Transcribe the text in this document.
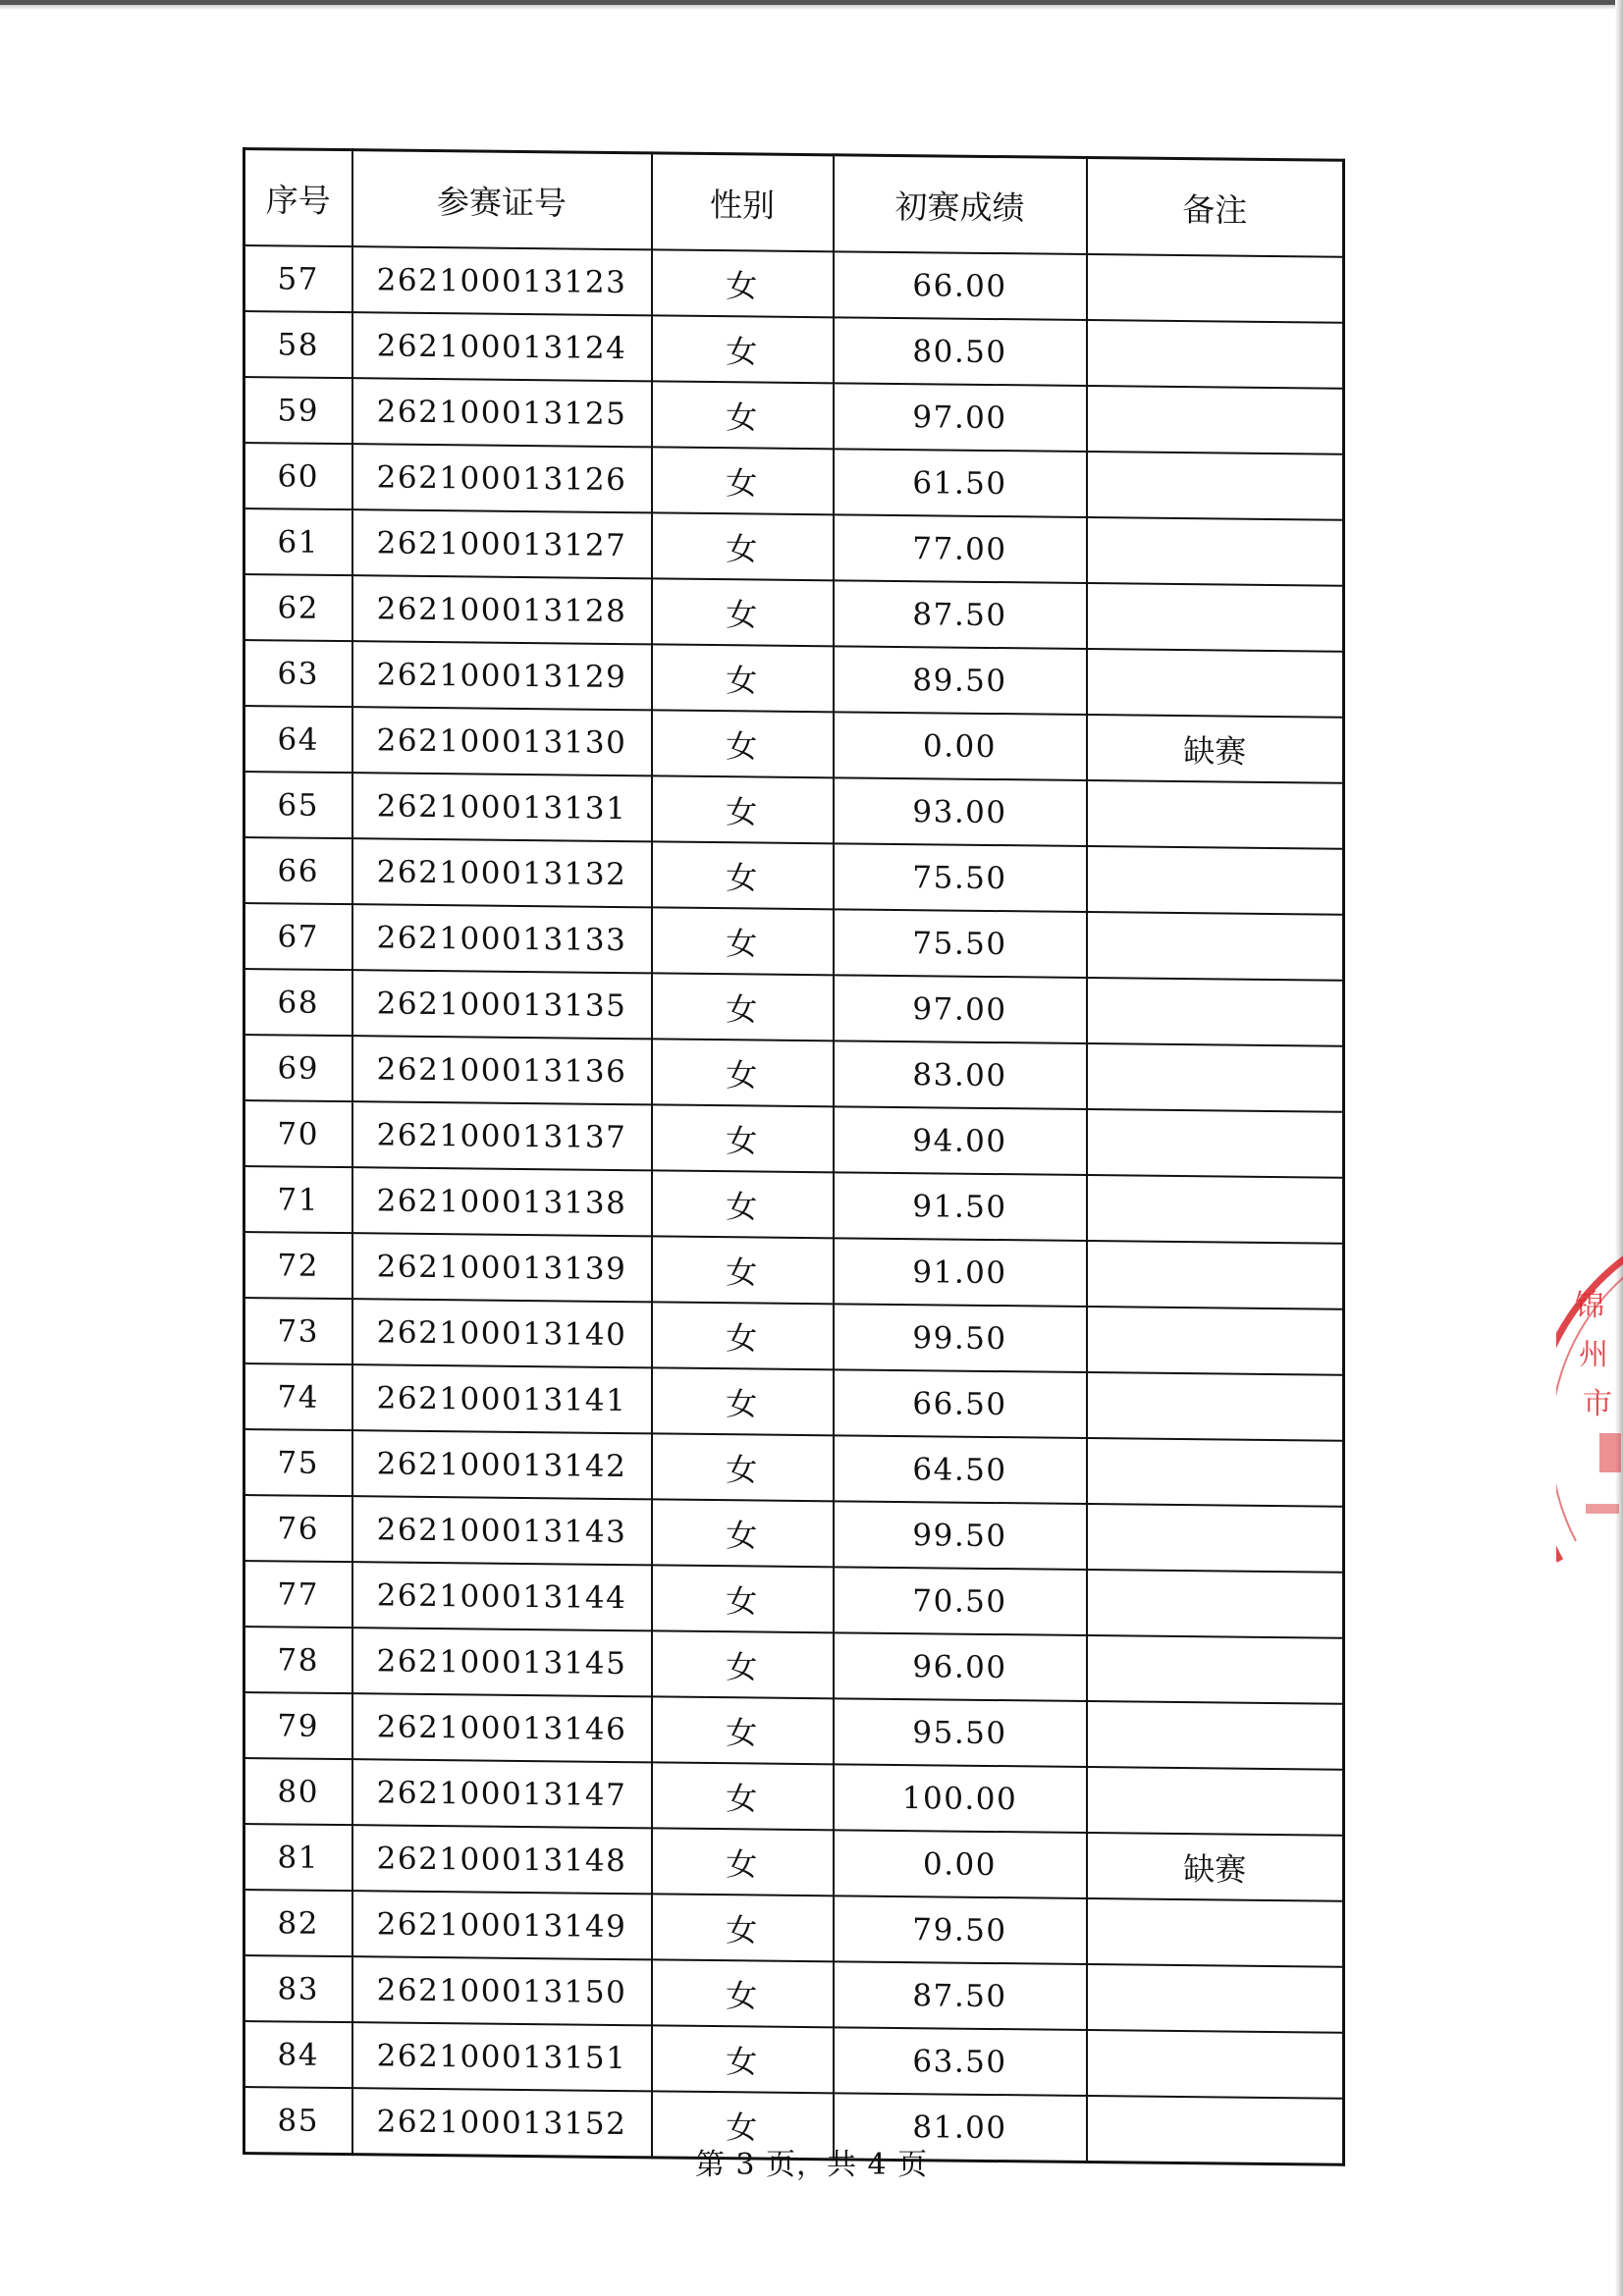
序号	参赛证号	性别	初赛成绩	备注
57	262100013123	女	66.00	
58	262100013124	女	80.50	
59	262100013125	女	97.00	
60	262100013126	女	61.50	
61	262100013127	女	77.00	
62	262100013128	女	87.50	
63	262100013129	女	89.50	
64	262100013130	女	0.00	缺赛
65	262100013131	女	93.00	
66	262100013132	女	75.50	
67	262100013133	女	75.50	
68	262100013135	女	97.00	
69	262100013136	女	83.00	
70	262100013137	女	94.00	
71	262100013138	女	91.50	
72	262100013139	女	91.00	
73	262100013140	女	99.50	
74	262100013141	女	66.50	
75	262100013142	女	64.50	
76	262100013143	女	99.50	
77	262100013144	女	70.50	
78	262100013145	女	96.00	
79	262100013146	女	95.50	
80	262100013147	女	100.00	
81	262100013148	女	0.00	缺赛
82	262100013149	女	79.50	
83	262100013150	女	87.50	
84	262100013151	女	63.50	
85	262100013152	女	81.00	
第 3 页，共 4 页
锦
州
市
